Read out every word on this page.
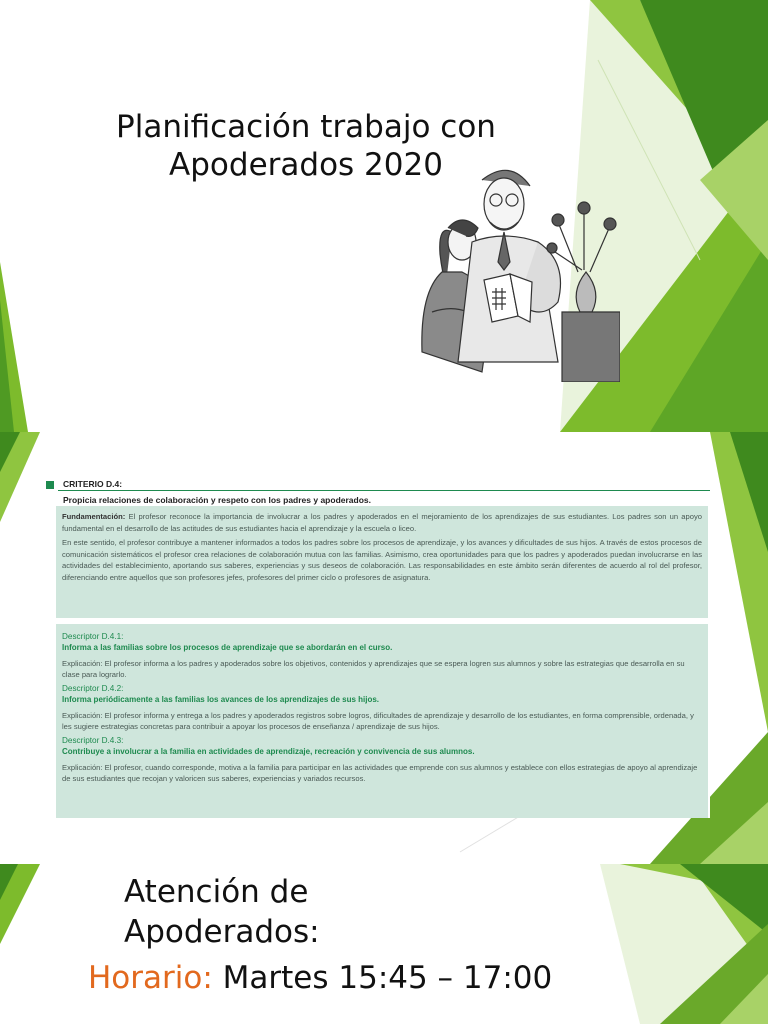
Planificación trabajo con Apoderados 2020
CRITERIO D.4:
Propicia relaciones de colaboración y respeto con los padres y apoderados.

Fundamentación: El profesor reconoce la importancia de involucrar a los padres y apoderados en el mejoramiento de los aprendizajes de sus estudiantes. Los padres son un apoyo fundamental en el desarrollo de las actitudes de sus estudiantes hacia el aprendizaje y la escuela o liceo.

En este sentido, el profesor contribuye a mantener informados a todos los padres sobre los procesos de aprendizaje, y los avances y dificultades de sus hijos. A través de estos procesos de comunicación sistemáticos el profesor crea relaciones de colaboración mutua con las familias. Asimismo, crea oportunidades para que los padres y apoderados puedan involucrarse en las actividades del establecimiento, aportando sus saberes, experiencias y sus deseos de colaboración. Las responsabilidades en este ámbito serán diferentes de acuerdo al rol del profesor, diferenciando entre aquellos que son profesores jefes, profesores del primer ciclo o profesores de asignatura.

Descriptor D.4.1:
Informa a las familias sobre los procesos de aprendizaje que se abordarán en el curso.
Explicación: El profesor informa a los padres y apoderados sobre los objetivos, contenidos y aprendizajes que se espera logren sus alumnos y sobre las estrategias que desarrolla en su clase para lograrlo.
Descriptor D.4.2:
Informa periódicamente a las familias los avances de los aprendizajes de sus hijos.
Explicación: El profesor informa y entrega a los padres y apoderados registros sobre logros, dificultades de aprendizaje y desarrollo de los estudiantes, en forma comprensible, ordenada, y les sugiere estrategias concretas para contribuir a apoyar los procesos de enseñanza / aprendizaje de sus hijos.
Descriptor D.4.3:
Contribuye a involucrar a la familia en actividades de aprendizaje, recreación y convivencia de sus alumnos.
Explicación: El profesor, cuando corresponde, motiva a la familia para participar en las actividades que emprende con sus alumnos y establece con ellos estrategias de apoyo al aprendizaje de sus estudiantes que recojan y valoricen sus saberes, experiencias y variados recursos.
Atención de
Apoderados:
Horario: Martes 15:45 – 17:00
